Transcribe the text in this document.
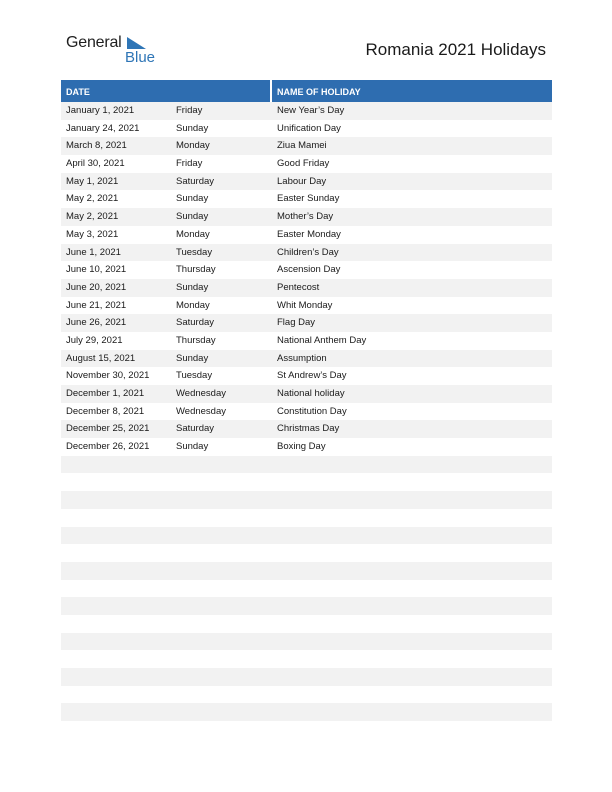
General
Blue	Romania 2021 Holidays
DATE	NAME OF HOLIDAY
January 1, 2021	Friday	New Year’s Day
January 24, 2021	Sunday	Unification Day
March 8, 2021	Monday	Ziua Mamei
April 30, 2021	Friday	Good Friday
May 1, 2021	Saturday	Labour Day
May 2, 2021	Sunday	Easter Sunday
May 2, 2021	Sunday	Mother’s Day
May 3, 2021	Monday	Easter Monday
June 1, 2021	Tuesday	Children’s Day
June 10, 2021	Thursday	Ascension Day
June 20, 2021	Sunday	Pentecost
June 21, 2021	Monday	Whit Monday
June 26, 2021	Saturday	Flag Day
July 29, 2021	Thursday	National Anthem Day
August 15, 2021	Sunday	Assumption
November 30, 2021	Tuesday	St Andrew’s Day
December 1, 2021	Wednesday	National holiday
December 8, 2021	Wednesday	Constitution Day
December 25, 2021	Saturday	Christmas Day
December 26, 2021	Sunday	Boxing Day
